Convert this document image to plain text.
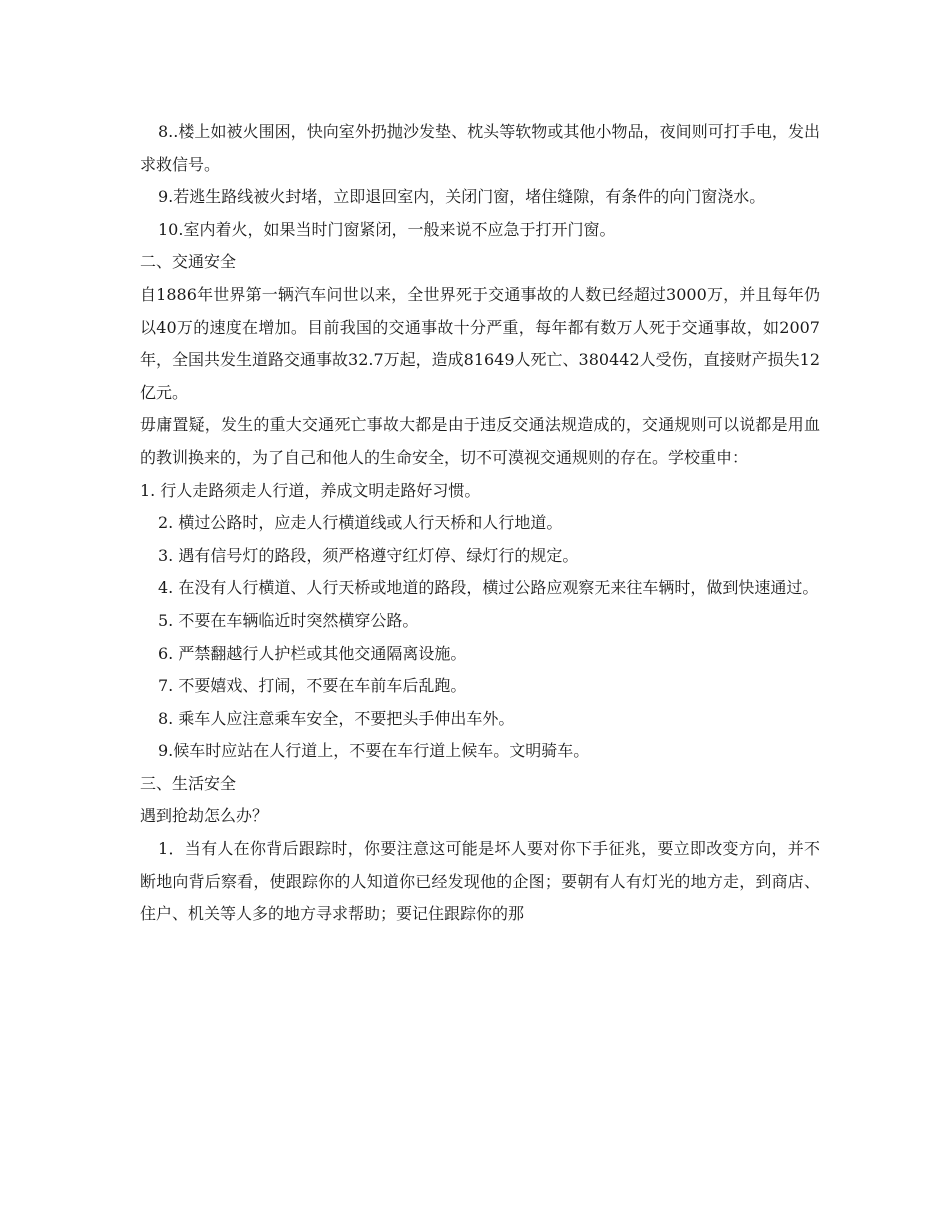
8..楼上如被火围困，快向室外扔抛沙发垫、枕头等软物或其他小物品，夜间则可打手电，发出求救信号。

9.若逃生路线被火封堵，立即退回室内，关闭门窗，堵住缝隙，有条件的向门窗浇水。

10.室内着火，如果当时门窗紧闭，一般来说不应急于打开门窗。

二、交通安全

自1886年世界第一辆汽车问世以来，全世界死于交通事故的人数已经超过3000万，并且每年仍以40万的速度在增加。目前我国的交通事故十分严重，每年都有数万人死于交通事故，如2007年，全国共发生道路交通事故32.7万起，造成81649人死亡、380442人受伤，直接财产损失12亿元。

毋庸置疑，发生的重大交通死亡事故大都是由于违反交通法规造成的，交通规则可以说都是用血的教训换来的，为了自己和他人的生命安全，切不可漠视交通规则的存在。学校重申：

1. 行人走路须走人行道，养成文明走路好习惯。

2. 横过公路时，应走人行横道线或人行天桥和人行地道。

3. 遇有信号灯的路段，须严格遵守红灯停、绿灯行的规定。

4. 在没有人行横道、人行天桥或地道的路段，横过公路应观察无来往车辆时，做到快速通过。

5. 不要在车辆临近时突然横穿公路。

6. 严禁翻越行人护栏或其他交通隔离设施。

7. 不要嬉戏、打闹，不要在车前车后乱跑。

8. 乘车人应注意乘车安全，不要把头手伸出车外。

9.候车时应站在人行道上，不要在车行道上候车。文明骑车。

三、生活安全

遇到抢劫怎么办？

1．当有人在你背后跟踪时，你要注意这可能是坏人要对你下手征兆，要立即改变方向，并不断地向背后察看，使跟踪你的人知道你已经发现他的企图；要朝有人有灯光的地方走，到商店、住户、机关等人多的地方寻求帮助；要记住跟踪你的那
